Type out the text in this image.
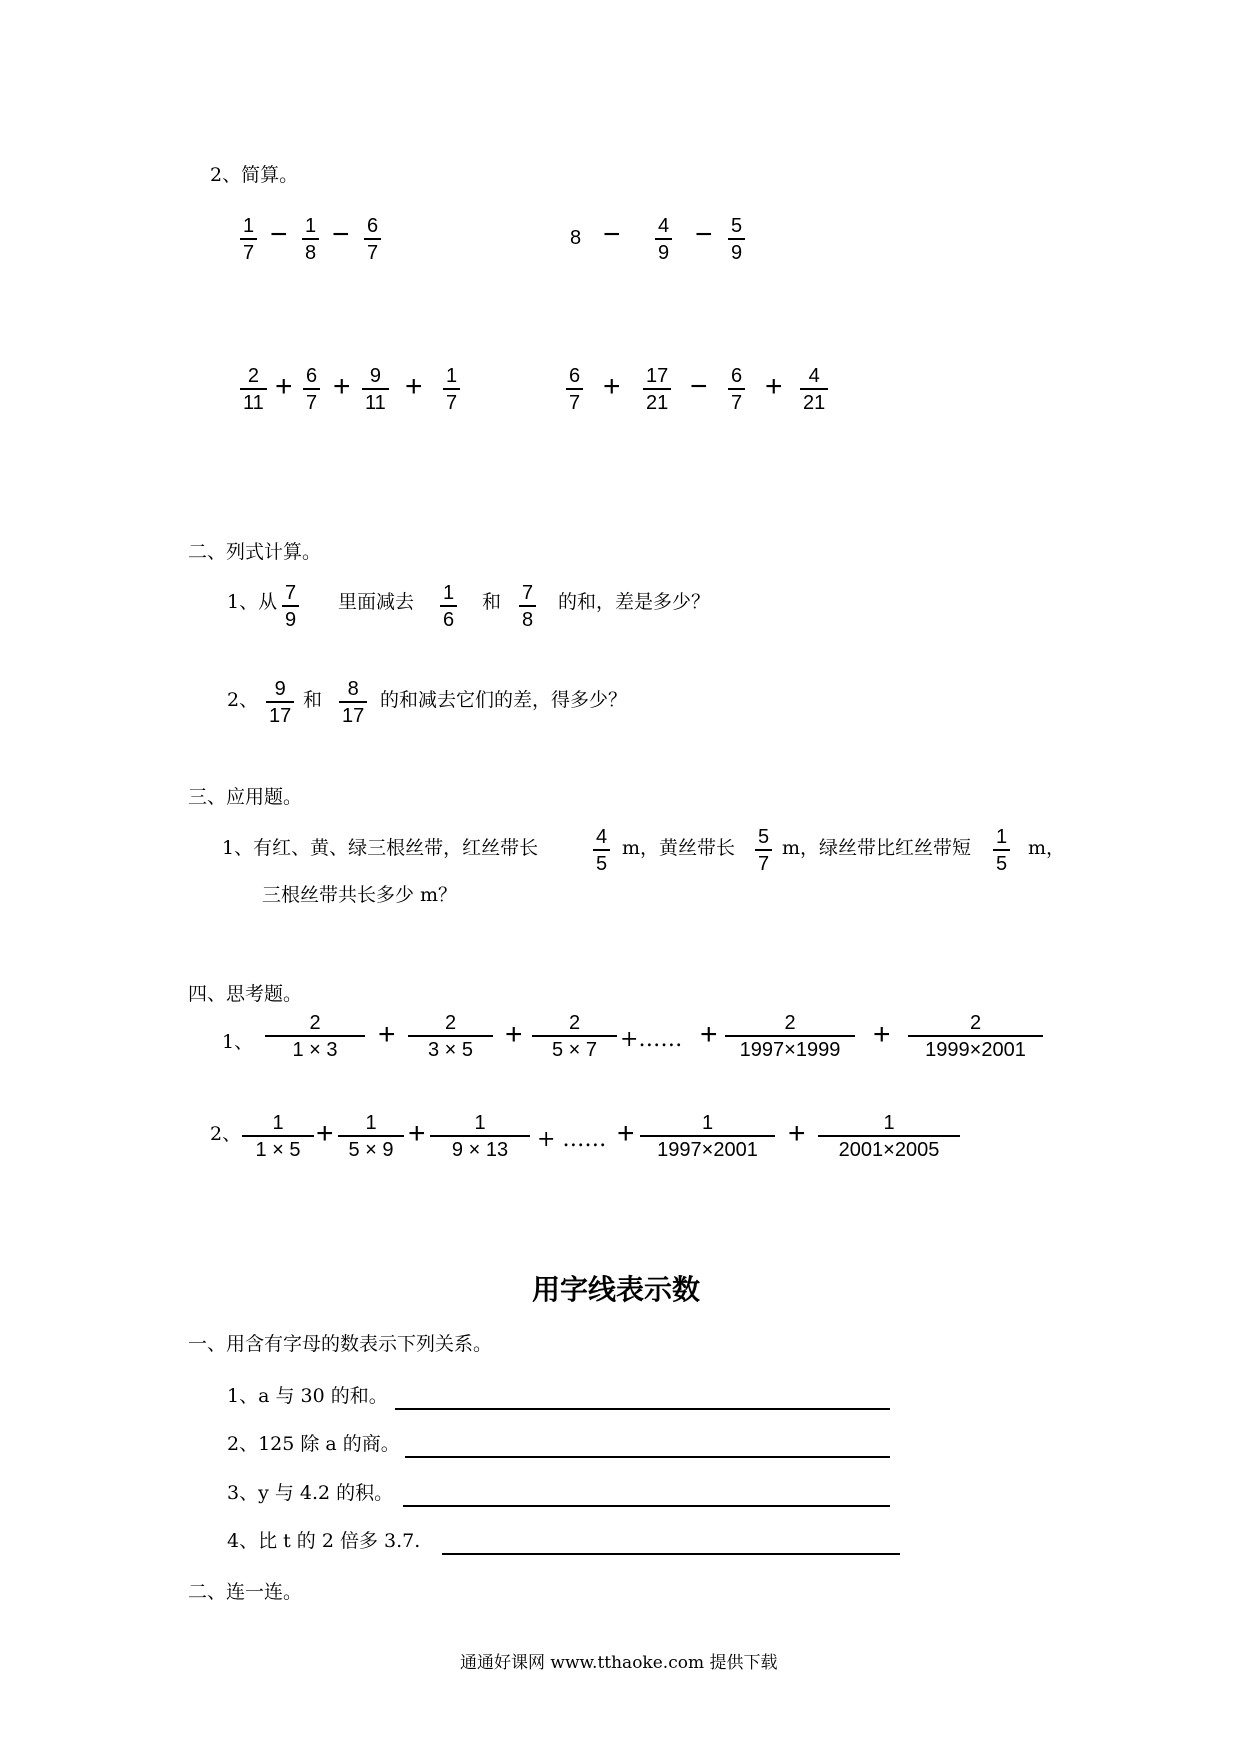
2、简算。
1
7
− 1
8
− 6
7
8 − 4
9
− 5
9
2
11 + 6
7 + 9
11 + 1
7
6
7 + 17
21 − 6
7 + 4
21
二、列式计算。
1、从 7
9
里面减去 1
6
和 7
8
的和，差是多少？
2、 9
17
和 8
17
的和减去它们的差，得多少？
三、应用题。
1、有红、黄、绿三根丝带，红丝带长	4
5
m，黄丝带长 5
7
m，绿丝带比红丝带短 1
5
m，
三根丝带共长多少 m？
四、思考题。
1、
2
1 × 3 + 2
3 × 5 + 2
5 × 7 +…… +	2
1997×1999 +	2
1999×2001
2、 1
1 × 5 + 1
5 × 9 + 1
9 × 13 + …… +	1
1997×2001 +	1
2001×2005
用字线表示数
一、用含有字母的数表示下列关系。
1、a 与 30 的和。
2、125 除 a 的商。
3、y 与 4.2 的积。
4、比 t 的 2 倍多 3.7.
二、连一连。
通通好课网 www.tthaoke.com 提供下载
